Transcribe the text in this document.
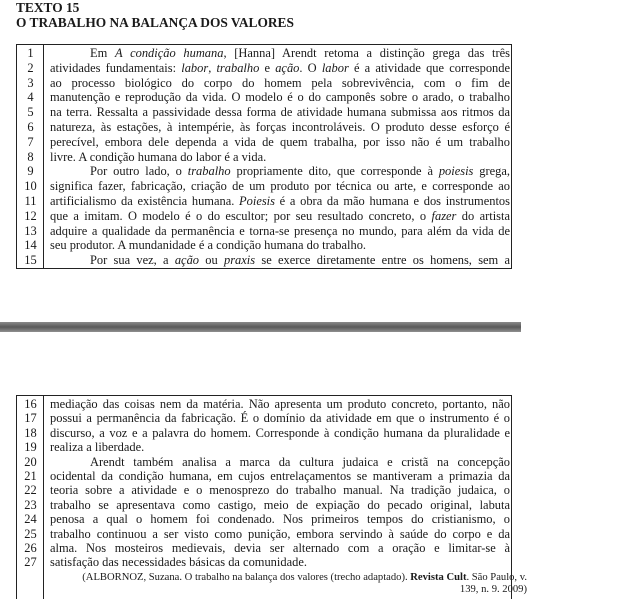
TEXTO 15
O TRABALHO NA BALANÇA DOS VALORES
1
2
3
4
5
6
7
8
9
10
11
12
13
14
15
Em A condição humana, [Hanna] Arendt retoma a distinção grega das três
atividades fundamentais: labor, trabalho e ação. O labor é a atividade que corresponde
ao processo biológico do corpo do homem pela sobrevivência, com o fim de
manutenção e reprodução da vida. O modelo é o do camponês sobre o arado, o trabalho
na terra. Ressalta a passividade dessa forma de atividade humana submissa aos ritmos da
natureza, às estações, à intempérie, às forças incontroláveis. O produto desse esforço é
perecível, embora dele dependa a vida de quem trabalha, por isso não é um trabalho
livre. A condição humana do labor é a vida.
Por outro lado, o trabalho propriamente dito, que corresponde à poiesis grega,
significa fazer, fabricação, criação de um produto por técnica ou arte, e corresponde ao
artificialismo da existência humana. Poiesis é a obra da mão humana e dos instrumentos
que a imitam. O modelo é o do escultor; por seu resultado concreto, o fazer do artista
adquire a qualidade da permanência e torna-se presença no mundo, para além da vida de
seu produtor. A mundanidade é a condição humana do trabalho.
Por sua vez, a ação ou praxis se exerce diretamente entre os homens, sem a
16
17
18
19
20
21
22
23
24
25
26
27
mediação das coisas nem da matéria. Não apresenta um produto concreto, portanto, não
possui a permanência da fabricação. É o domínio da atividade em que o instrumento é o
discurso, a voz e a palavra do homem. Corresponde à condição humana da pluralidade e
realiza a liberdade.
Arendt também analisa a marca da cultura judaica e cristã na concepção
ocidental da condição humana, em cujos entrelaçamentos se mantiveram a primazia da
teoria sobre a atividade e o menosprezo do trabalho manual. Na tradição judaica, o
trabalho se apresentava como castigo, meio de expiação do pecado original, labuta
penosa a qual o homem foi condenado. Nos primeiros tempos do cristianismo, o
trabalho continuou a ser visto como punição, embora servindo à saúde do corpo e da
alma. Nos mosteiros medievais, devia ser alternado com a oração e limitar-se à
satisfação das necessidades básicas da comunidade.
(ALBORNOZ, Suzana. O trabalho na balança dos valores (trecho adaptado). Revista Cult. São Paulo, v.
139, n. 9. 2009)
